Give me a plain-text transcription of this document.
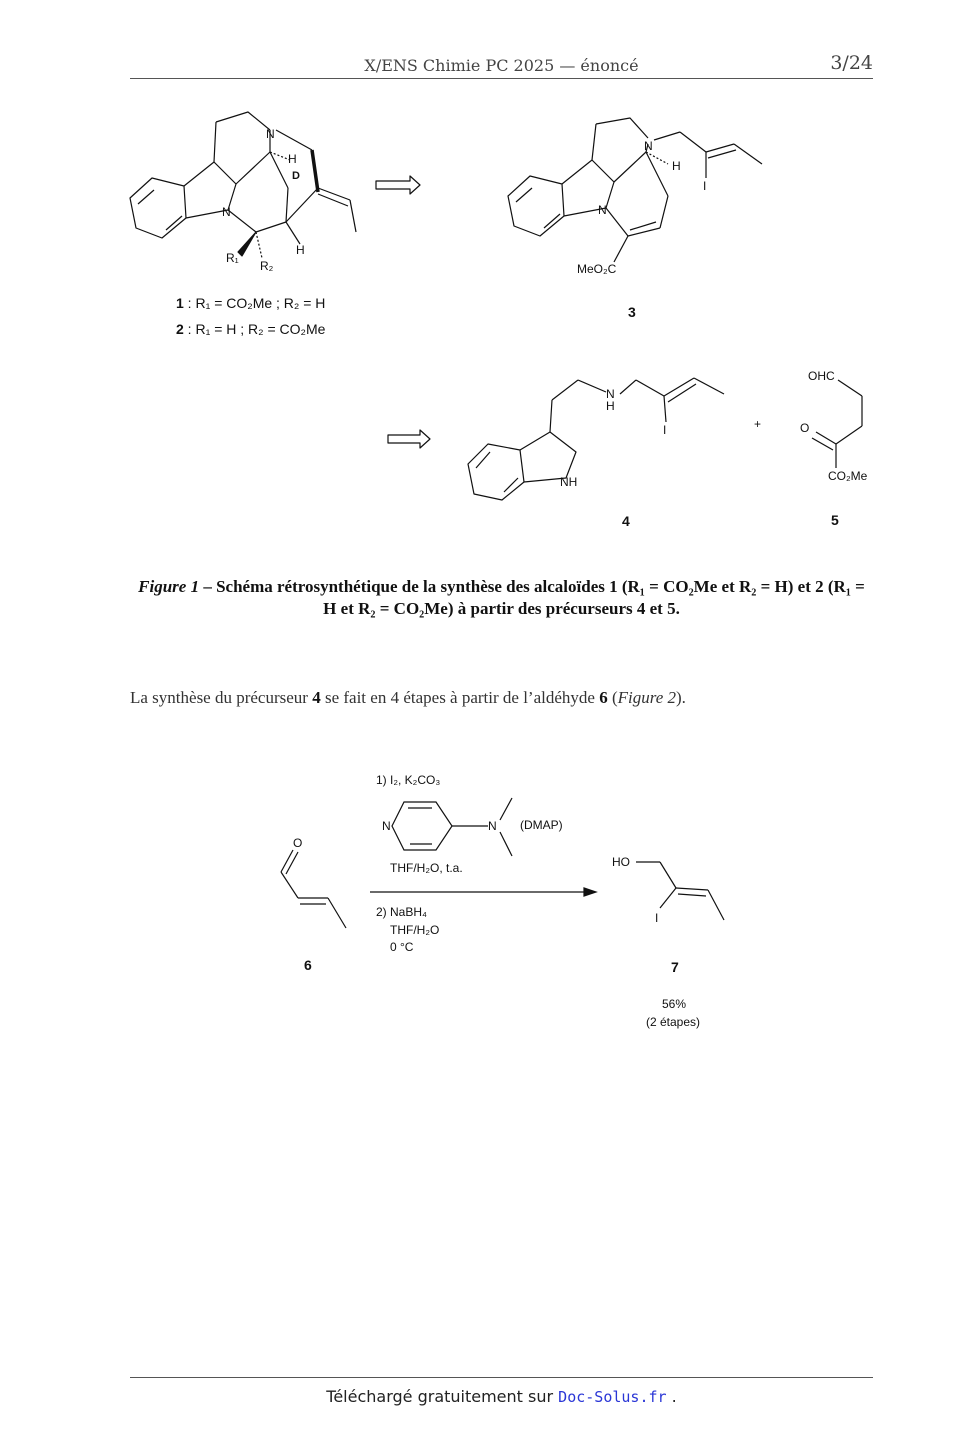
X/ENS Chimie PC 2025 — énoncé	3/24
D
N
N
H
H
R₁
R₂
N
N
H
I
MeO₂C
N
H
I
NH
+
OHC
O
CO₂Me
1 : R₁ = CO₂Me ; R₂ = H
2 : R₁ = H ; R₂ = CO₂Me
3
4	5
Figure 1 – Schéma rétrosynthétique de la synthèse des alcaloïdes 1 (R₁ = CO₂Me et R₂ = H) et 2 (R₁ = H et R₂ = CO₂Me) à partir des précurseurs 4 et 5.
La synthèse du précurseur 4 se fait en 4 étapes à partir de l’aldéhyde 6 (Figure 2).
O
6
1) I₂, K₂CO₃
N	N (DMAP)
THF/H₂O, t.a.
2) NaBH₄
THF/H₂O
0 °C
HO
I
7
56%
(2 étapes)
Téléchargé gratuitement sur Doc-Solus.fr .
